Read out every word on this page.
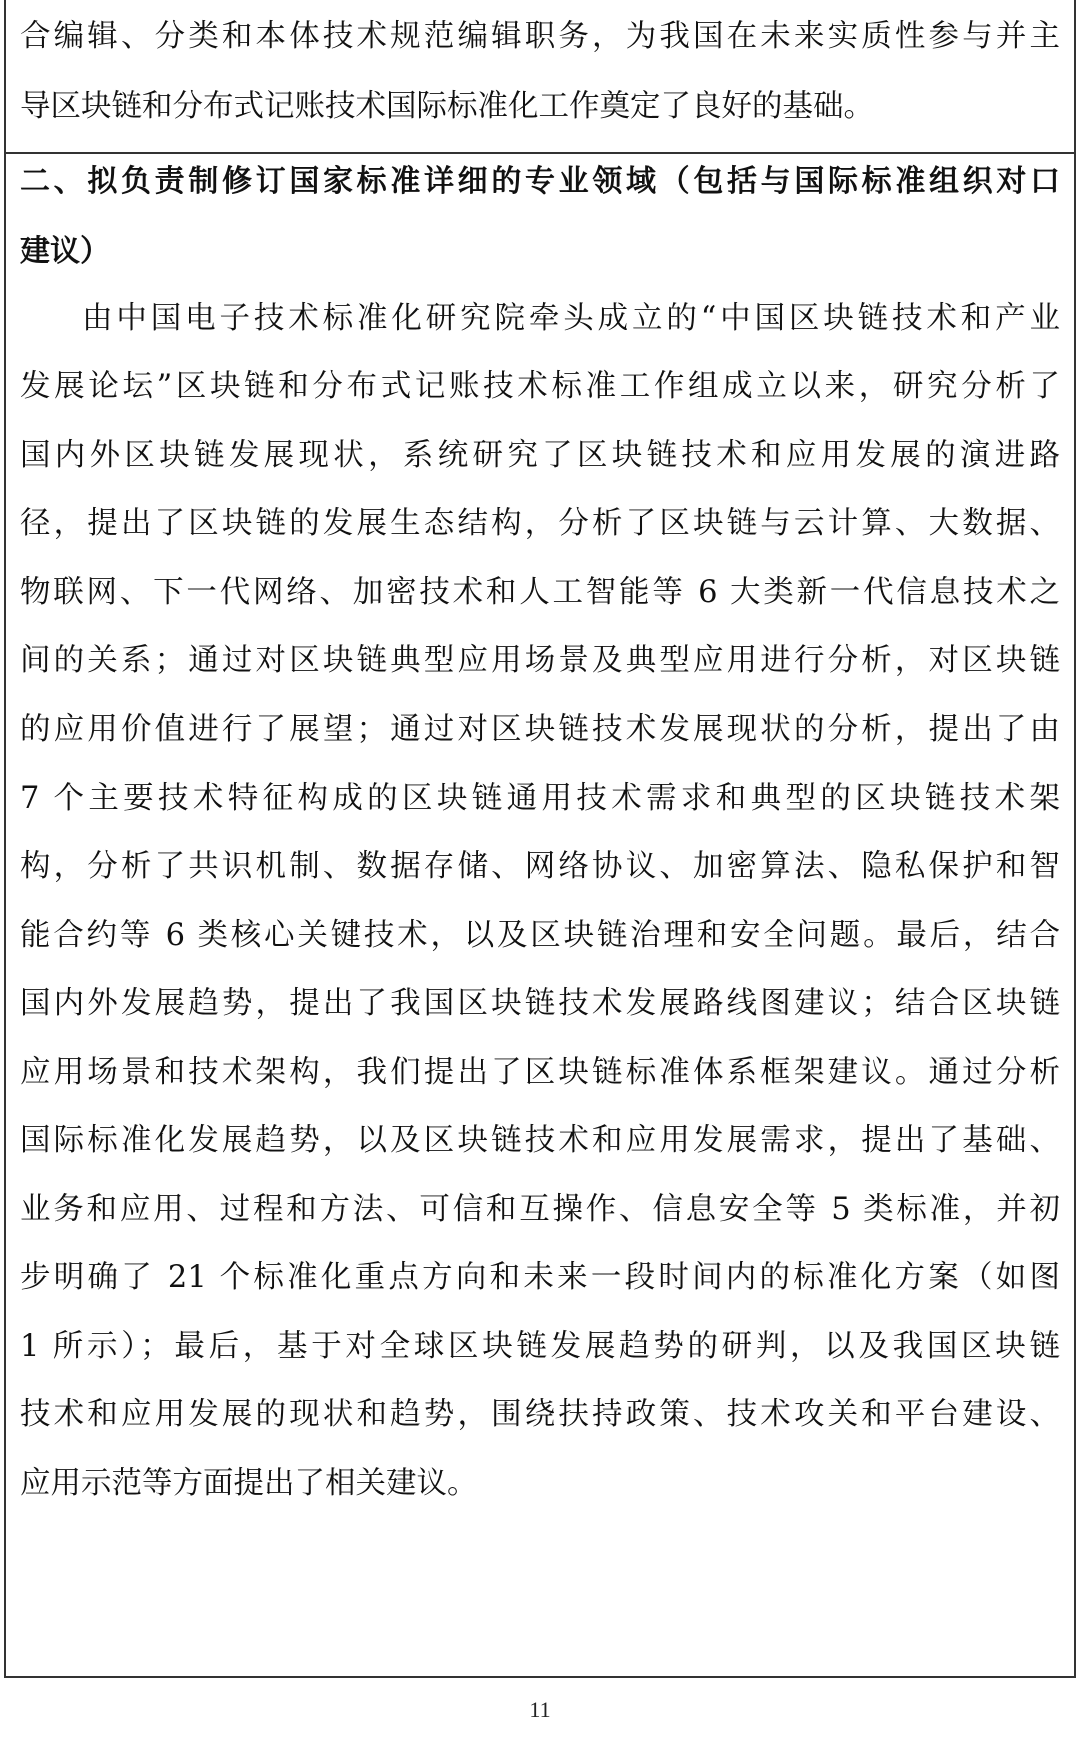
合编辑、分类和本体技术规范编辑职务，为我国在未来实质性参与并主
导区块链和分布式记账技术国际标准化工作奠定了良好的基础。
二、拟负责制修订国家标准详细的专业领域（包括与国际标准组织对口
建议）
由中国电子技术标准化研究院牵头成立的“中国区块链技术和产业
发展论坛”区块链和分布式记账技术标准工作组成立以来，研究分析了
国内外区块链发展现状，系统研究了区块链技术和应用发展的演进路
径，提出了区块链的发展生态结构，分析了区块链与云计算、大数据、
物联网、下一代网络、加密技术和人工智能等 6 大类新一代信息技术之
间的关系；通过对区块链典型应用场景及典型应用进行分析，对区块链
的应用价值进行了展望；通过对区块链技术发展现状的分析，提出了由
7 个主要技术特征构成的区块链通用技术需求和典型的区块链技术架
构，分析了共识机制、数据存储、网络协议、加密算法、隐私保护和智
能合约等 6 类核心关键技术，以及区块链治理和安全问题。最后，结合
国内外发展趋势，提出了我国区块链技术发展路线图建议；结合区块链
应用场景和技术架构，我们提出了区块链标准体系框架建议。通过分析
国际标准化发展趋势，以及区块链技术和应用发展需求，提出了基础、
业务和应用、过程和方法、可信和互操作、信息安全等 5 类标准，并初
步明确了 21 个标准化重点方向和未来一段时间内的标准化方案（如图
1 所示）；最后，基于对全球区块链发展趋势的研判，以及我国区块链
技术和应用发展的现状和趋势，围绕扶持政策、技术攻关和平台建设、
应用示范等方面提出了相关建议。
11
